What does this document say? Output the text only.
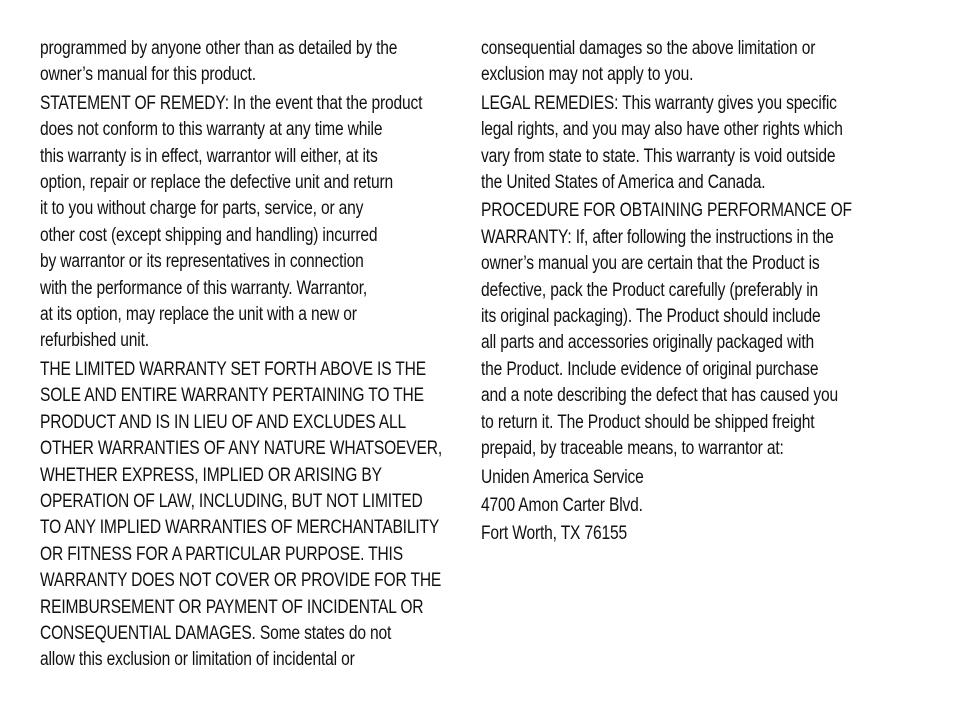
programmed by anyone other than as detailed by the
owner’s manual for this product.
STATEMENT OF REMEDY: In the event that the product
does not conform to this warranty at any time while
this warranty is in effect, warrantor will either, at its
option, repair or replace the defective unit and return
it to you without charge for parts, service, or any
other cost (except shipping and handling) incurred
by warrantor or its representatives in connection
with the performance of this warranty. Warrantor,
at its option, may replace the unit with a new or
refurbished unit.
THE LIMITED WARRANTY SET FORTH ABOVE IS THE
SOLE AND ENTIRE WARRANTY PERTAINING TO THE
PRODUCT AND IS IN LIEU OF AND EXCLUDES ALL
OTHER WARRANTIES OF ANY NATURE WHATSOEVER,
WHETHER EXPRESS, IMPLIED OR ARISING BY
OPERATION OF LAW, INCLUDING, BUT NOT LIMITED
TO ANY IMPLIED WARRANTIES OF MERCHANTABILITY
OR FITNESS FOR A PARTICULAR PURPOSE. THIS
WARRANTY DOES NOT COVER OR PROVIDE FOR THE
REIMBURSEMENT OR PAYMENT OF INCIDENTAL OR
CONSEQUENTIAL DAMAGES. Some states do not
allow this exclusion or limitation of incidental or
consequential damages so the above limitation or
exclusion may not apply to you.
LEGAL REMEDIES: This warranty gives you specific
legal rights, and you may also have other rights which
vary from state to state. This warranty is void outside
the United States of America and Canada.
PROCEDURE FOR OBTAINING PERFORMANCE OF
WARRANTY: If, after following the instructions in the
owner’s manual you are certain that the Product is
defective, pack the Product carefully (preferably in
its original packaging). The Product should include
all parts and accessories originally packaged with
the Product. Include evidence of original purchase
and a note describing the defect that has caused you
to return it. The Product should be shipped freight
prepaid, by traceable means, to warrantor at:
Uniden America Service
4700 Amon Carter Blvd.
Fort Worth, TX 76155
